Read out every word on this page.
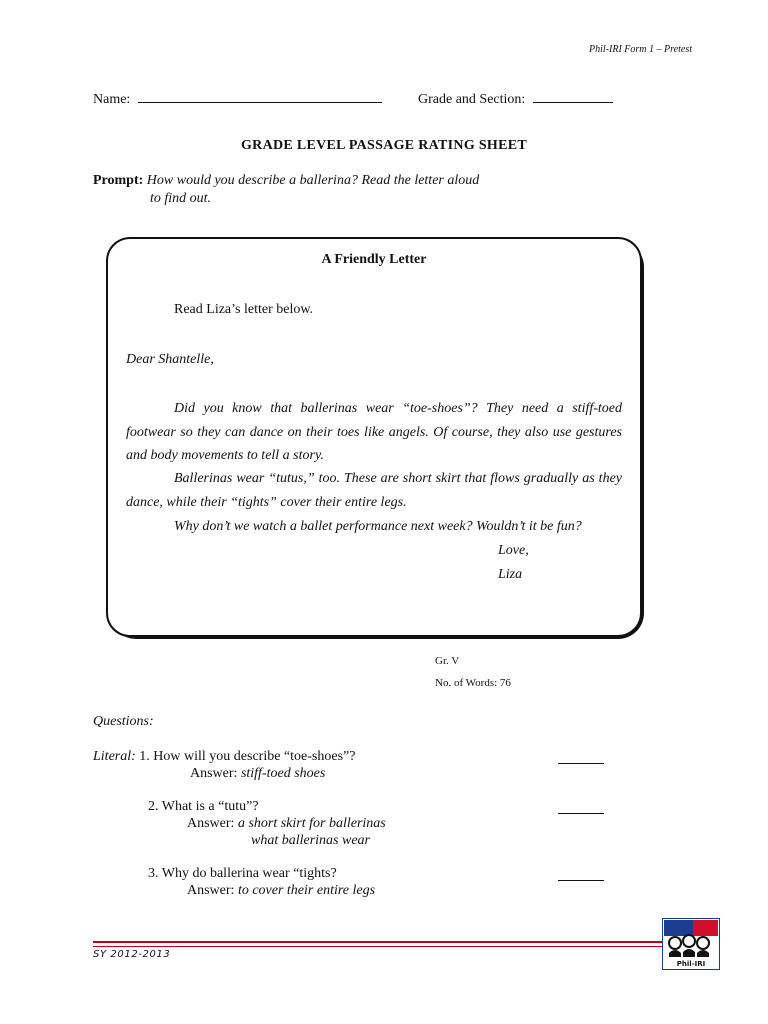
Phil-IRI Form 1 – Pretest
Name:	Grade and Section:
GRADE LEVEL PASSAGE RATING SHEET
Prompt: How would you describe a ballerina? Read the letter aloud
to find out.
A Friendly Letter
Read Liza’s letter below.
Dear Shantelle,
Did you know that ballerinas wear “toe-shoes”? They need a stiff-toed footwear so they can dance on their toes like angels. Of course, they also use gestures and body movements to tell a story.
Ballerinas wear “tutus,” too. These are short skirt that flows gradually as they dance, while their “tights” cover their entire legs.
Why don’t we watch a ballet performance next week? Wouldn’t it be fun?
Love,
Liza
Gr. V
No. of Words: 76
Questions:
Literal: 1. How will you describe “toe-shoes”?
Answer: stiff-toed shoes
2. What is a “tutu”?
Answer: a short skirt for ballerinas
what ballerinas wear
3. Why do ballerina wear “tights?
Answer: to cover their entire legs
SY 2012-2013
Phil-IRI
